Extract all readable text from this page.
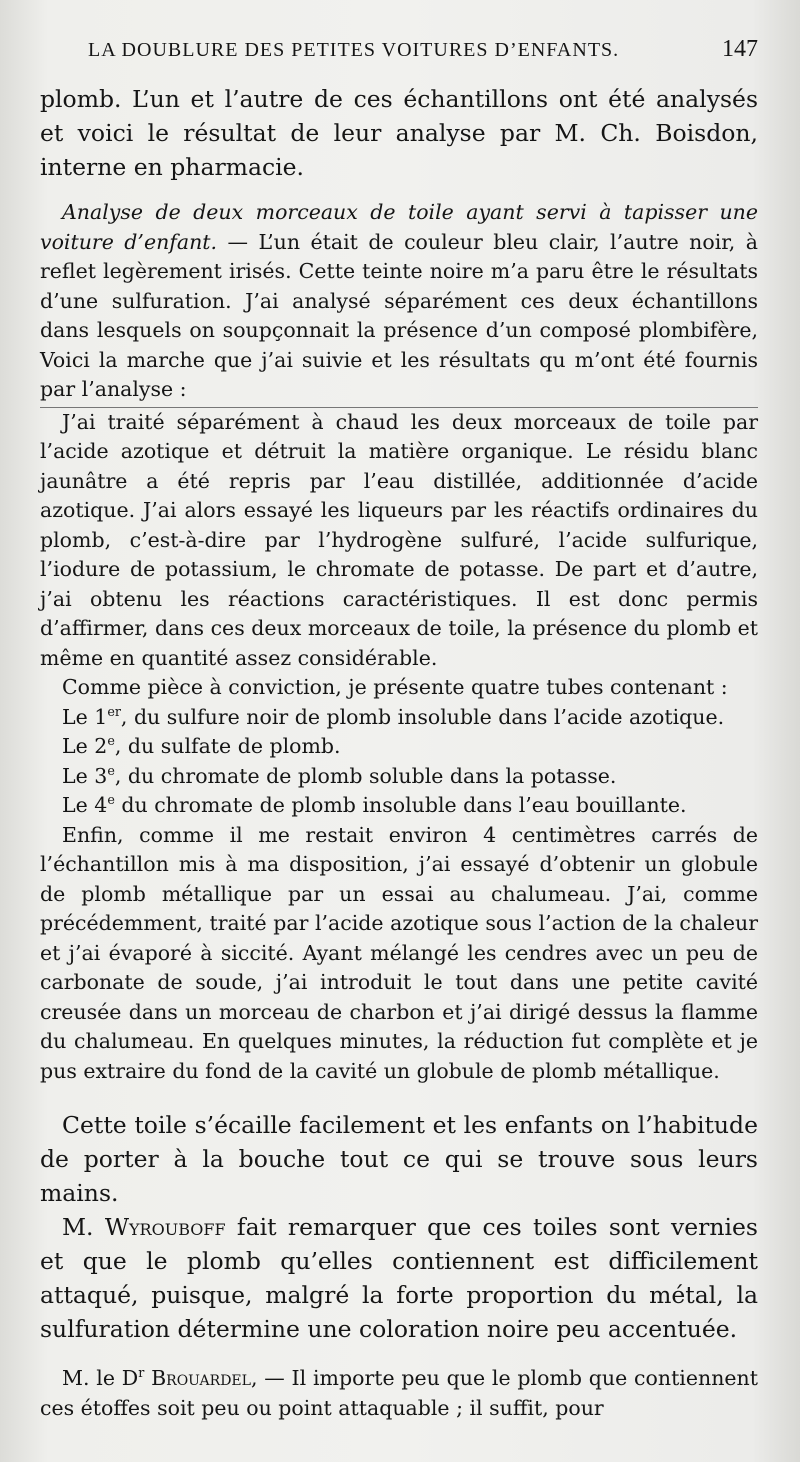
LA DOUBLURE DES PETITES VOITURES D’ENFANTS.	147

plomb. L’un et l’autre de ces échantillons ont été analysés et voici le résultat de leur analyse par M. Ch. Boisdon, interne en pharmacie.

Analyse de deux morceaux de toile ayant servi à tapisser une voiture d’enfant. — L’un était de couleur bleu clair, l’autre noir, à reflet legèrement irisés. Cette teinte noire m’a paru être le résultats d’une sulfuration. J’ai analysé séparément ces deux échantillons dans lesquels on soupçonnait la présence d’un composé plombifère, Voici la marche que j’ai suivie et les résultats qu m’ont été fournis par l’analyse :

J’ai traité séparément à chaud les deux morceaux de toile par l’acide azotique et détruit la matière organique. Le résidu blanc jaunâtre a été repris par l’eau distillée, additionnée d’acide azotique. J’ai alors essayé les liqueurs par les réactifs ordinaires du plomb, c’est-à-dire par l’hydrogène sulfuré, l’acide sulfurique, l’iodure de potassium, le chromate de potasse. De part et d’autre, j’ai obtenu les réactions caractéristiques. Il est donc permis d’affirmer, dans ces deux morceaux de toile, la présence du plomb et même en quantité assez considérable.

Comme pièce à conviction, je présente quatre tubes contenant :

Le 1er, du sulfure noir de plomb insoluble dans l’acide azotique.

Le 2e, du sulfate de plomb.

Le 3e, du chromate de plomb soluble dans la potasse.

Le 4e du chromate de plomb insoluble dans l’eau bouillante.

Enfin, comme il me restait environ 4 centimètres carrés de l’échantillon mis à ma disposition, j’ai essayé d’obtenir un globule de plomb métallique par un essai au chalumeau. J’ai, comme précédemment, traité par l’acide azotique sous l’action de la chaleur et j’ai évaporé à siccité. Ayant mélangé les cendres avec un peu de carbonate de soude, j’ai introduit le tout dans une petite cavité creusée dans un morceau de charbon et j’ai dirigé dessus la flamme du chalumeau. En quelques minutes, la réduction fut complète et je pus extraire du fond de la cavité un globule de plomb métallique.

Cette toile s’écaille facilement et les enfants on l’habitude de porter à la bouche tout ce qui se trouve sous leurs mains.

M. Wyrouboff fait remarquer que ces toiles sont vernies et que le plomb qu’elles contiennent est difficilement attaqué, puisque, malgré la forte proportion du métal, la sulfuration détermine une coloration noire peu accentuée.

M. le $D^r$ Brouardel, — Il importe peu que le plomb que contiennent ces étoffes soit peu ou point attaquable ; il suffit, pour
